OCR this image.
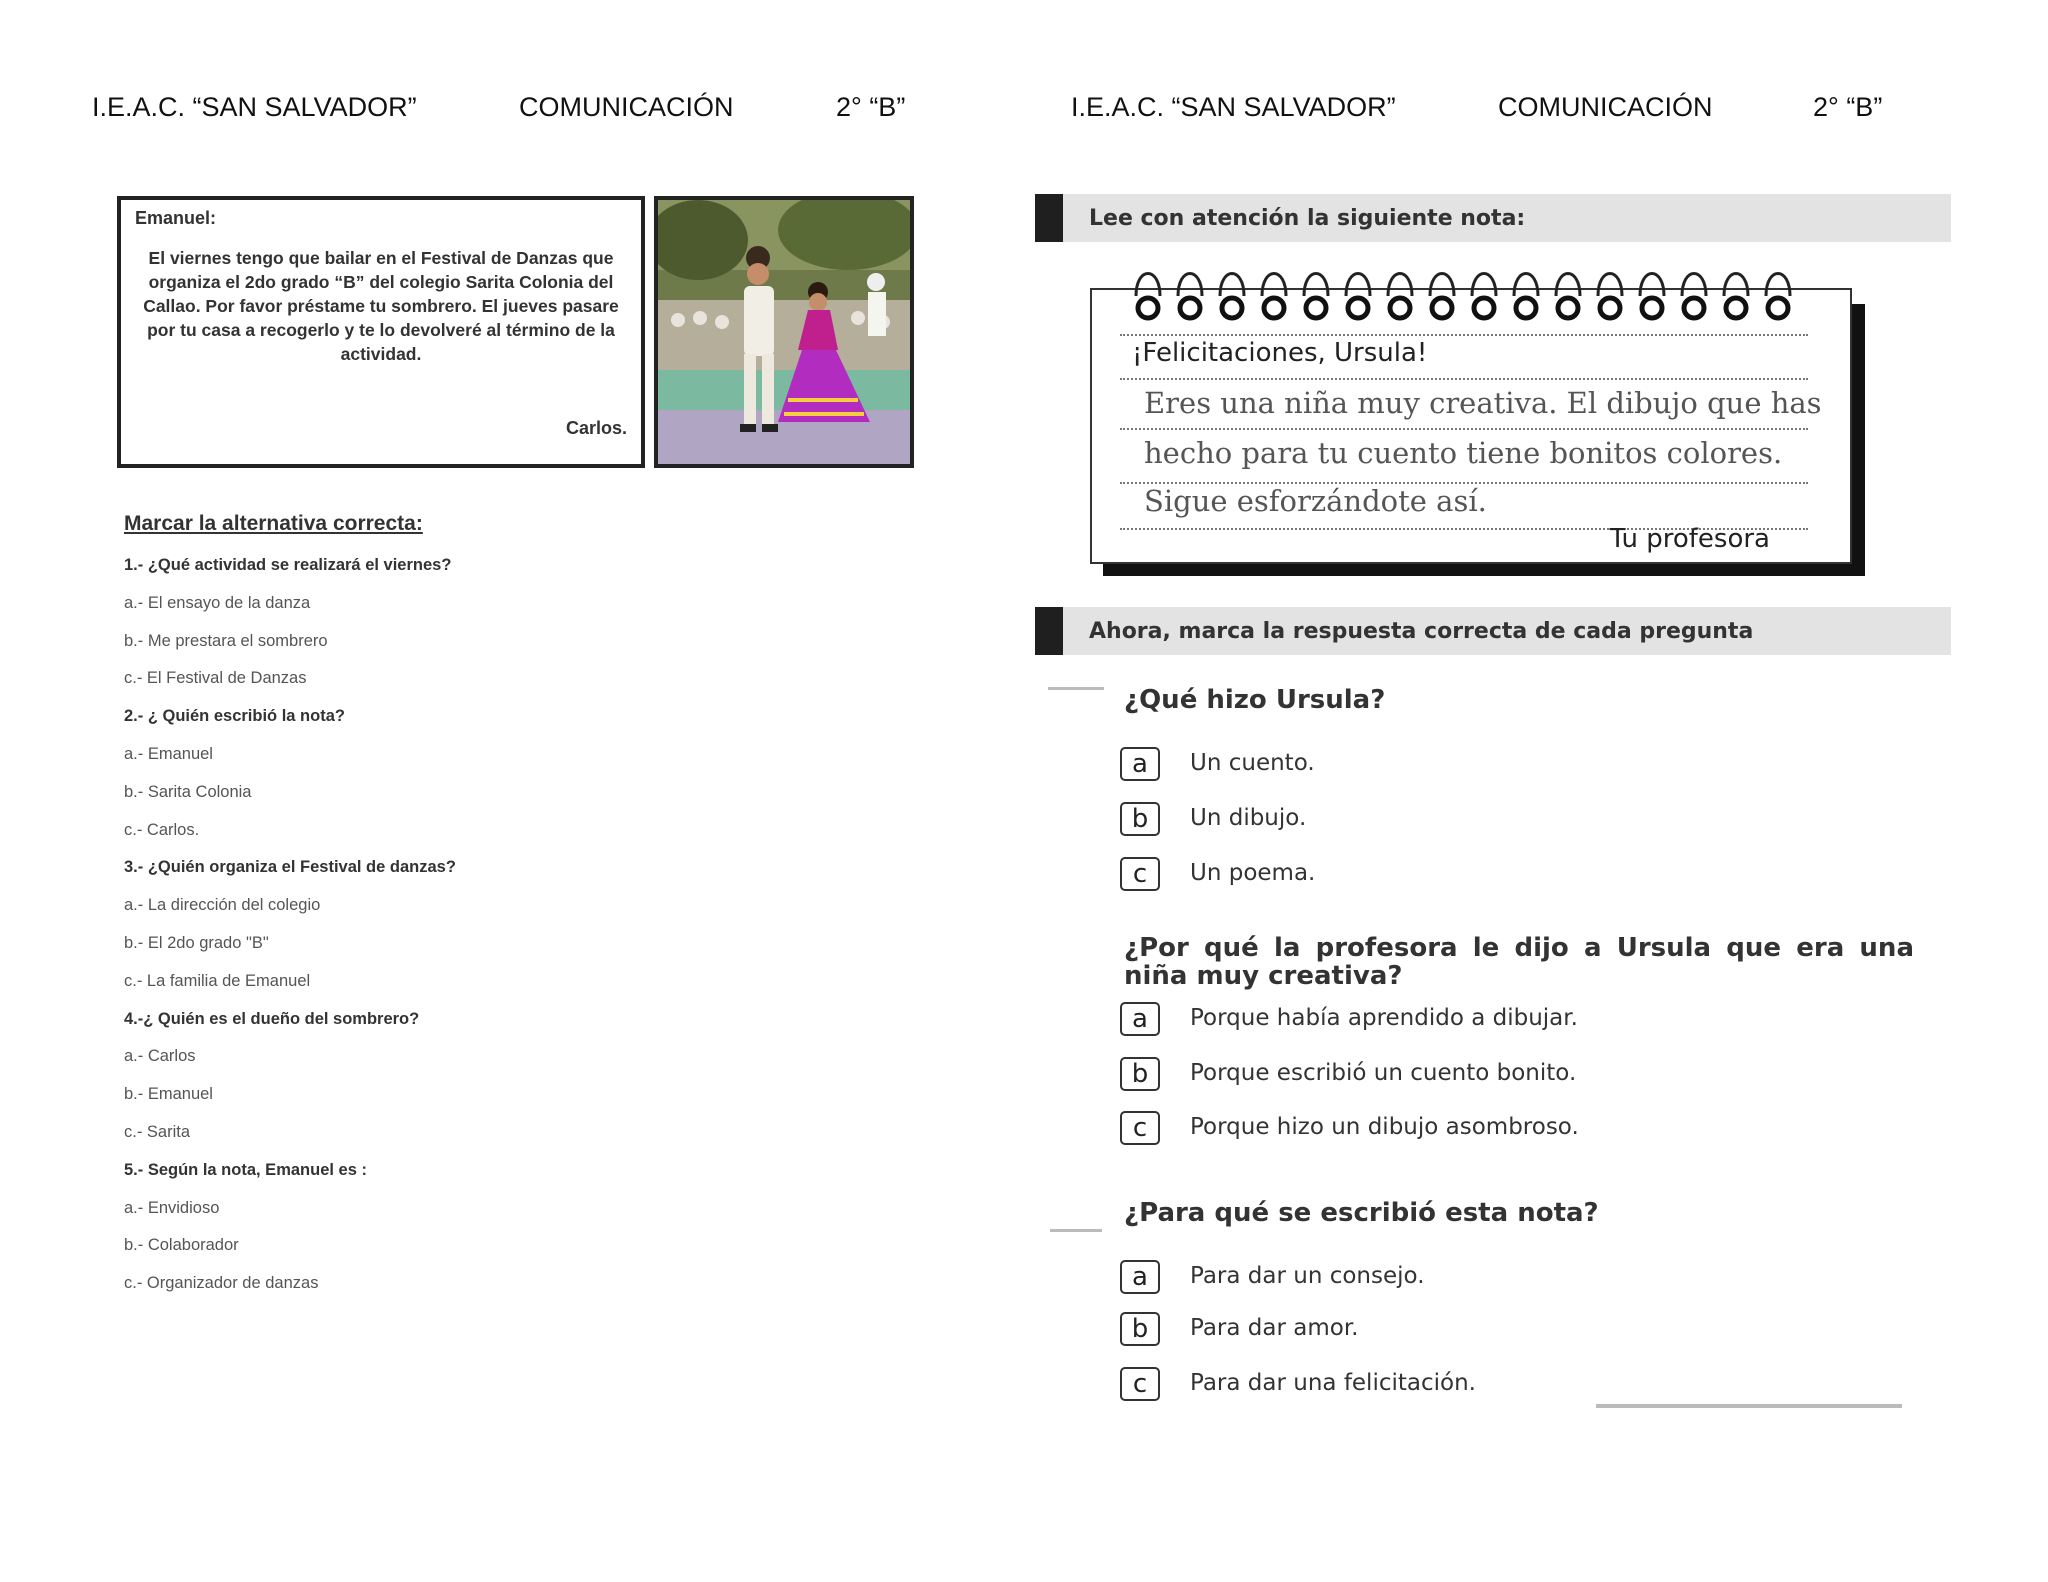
I.E.A.C. “SAN SALVADOR”	COMUNICACIÓN	2° “B”	I.E.A.C. “SAN SALVADOR”	COMUNICACIÓN	2° “B”
Emanuel:
El viernes tengo que bailar en el Festival de Danzas que organiza el 2do grado “B” del colegio Sarita Colonia del Callao. Por favor préstame tu sombrero. El jueves pasare por tu casa a recogerlo y te lo devolveré al término de la actividad.
Carlos.
Marcar la alternativa correcta:
1.- ¿Qué actividad se realizará el viernes?
a.- El ensayo de la danza
b.- Me prestara el sombrero
c.- El Festival de Danzas
2.- ¿ Quién escribió la nota?
a.- Emanuel
b.- Sarita Colonia
c.- Carlos.
3.- ¿Quién organiza el Festival de danzas?
a.- La dirección del colegio
b.- El 2do grado "B"
c.- La familia de Emanuel
4.-¿ Quién es el dueño del sombrero?
a.- Carlos
b.- Emanuel
c.- Sarita
5.- Según la nota, Emanuel es :
a.- Envidioso
b.- Colaborador
c.- Organizador de danzas
Lee con atención la siguiente nota:
¡Felicitaciones, Ursula!
Eres una niña muy creativa. El dibujo que has
hecho para tu cuento tiene bonitos colores.
Sigue esforzándote así.
Tu profesora
Ahora, marca la respuesta correcta de cada pregunta
¿Qué hizo Ursula?
¿Por qué la profesora le dijo a Ursula que era una niña muy creativa?
¿Para qué se escribió esta nota?
a	Un cuento.
b	Un dibujo.
c	Un poema.
a	Porque había aprendido a dibujar.
b	Porque escribió un cuento bonito.
c	Porque hizo un dibujo asombroso.
a	Para dar un consejo.
b	Para dar amor.
c	Para dar una felicitación.
